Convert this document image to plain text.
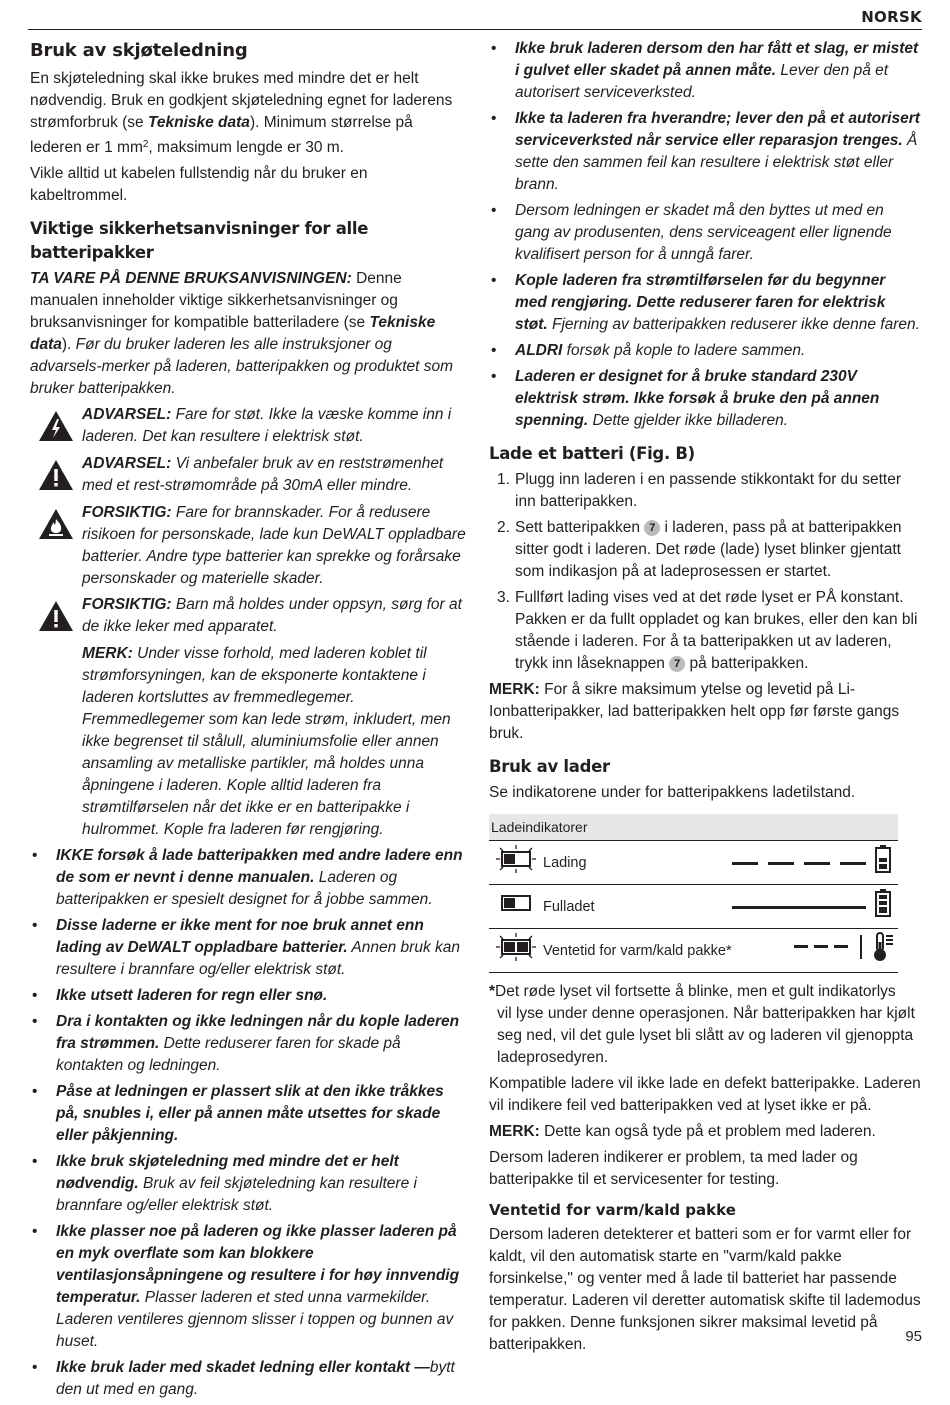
NORSK
Bruk av skjøteledning

En skjøteledning skal ikke brukes med mindre det er helt nødvendig. Bruk en godkjent skjøteledning egnet for laderens strømforbruk (se Tekniske data). Minimum størrelse på lederen er 1 $mm^2$, maksimum lengde er 30 m.

Vikle alltid ut kabelen fullstendig når du bruker en kabeltrommel.

Viktige sikkerhetsanvisninger for alle batteripakker

TA VARE PÅ DENNE BRUKSANVISNINGEN: Denne manualen inneholder viktige sikkerhetsanvisninger og bruksanvisninger for kompatible batteriladere (se Tekniske data). Før du bruker laderen les alle instruksjoner og advarsels-merker på laderen, batteripakken og produktet som bruker batteripakken.

ADVARSEL: Fare for støt. Ikke la væske komme inn i laderen. Det kan resultere i elektrisk støt.
ADVARSEL: Vi anbefaler bruk av en reststrømenhet med et rest-strømområde på 30mA eller mindre.
FORSIKTIG: Fare for brannskader. For å redusere risikoen for personskade, lade kun DeWALT oppladbare batterier. Andre type batterier kan sprekke og forårsake personskader og materielle skader.
FORSIKTIG: Barn må holdes under oppsyn, sørg for at de ikke leker med apparatet.
MERK: Under visse forhold, med laderen koblet til strømforsyningen, kan de eksponerte kontaktene i laderen kortsluttes av fremmedlegemer. Fremmedlegemer som kan lede strøm, inkludert, men ikke begrenset til stålull, aluminiumsfolie eller annen ansamling av metalliske partikler, må holdes unna åpningene i laderen. Kople alltid laderen fra strømtilførselen når det ikke er en batteripakke i hulrommet. Kople fra laderen før rengjøring.
• IKKE forsøk å lade batteripakken med andre ladere enn de som er nevnt i denne manualen. Laderen og batteripakken er spesielt designet for å jobbe sammen.
• Disse laderne er ikke ment for noe bruk annet enn lading av DeWALT oppladbare batterier. Annen bruk kan resultere i brannfare og/eller elektrisk støt.
• Ikke utsett laderen for regn eller snø.
• Dra i kontakten og ikke ledningen når du kople laderen fra strømmen. Dette reduserer faren for skade på kontakten og ledningen.
• Påse at ledningen er plassert slik at den ikke tråkkes på, snubles i, eller på annen måte utsettes for skade eller påkjenning.
• Ikke bruk skjøteledning med mindre det er helt nødvendig. Bruk av feil skjøteledning kan resultere i brannfare og/eller elektrisk støt.
• Ikke plasser noe på laderen og ikke plasser laderen på en myk overflate som kan blokkere ventilasjonsåpningene og resultere i for høy innvendig temperatur. Plasser laderen et sted unna varmekilder. Laderen ventileres gjennom slisser i toppen og bunnen av huset.
• Ikke bruk lader med skadet ledning eller kontakt —bytt den ut med en gang.
• Ikke bruk laderen dersom den har fått et slag, er mistet i gulvet eller skadet på annen måte. Lever den på et autorisert serviceverksted.
• Ikke ta laderen fra hverandre; lever den på et autorisert serviceverksted når service eller reparasjon trenges. Å sette den sammen feil kan resultere i elektrisk støt eller brann.
• Dersom ledningen er skadet må den byttes ut med en gang av produsenten, dens serviceagent eller lignende kvalifisert person for å unngå farer.
• Kople laderen fra strømtilførselen før du begynner med rengjøring. Dette reduserer faren for elektrisk støt. Fjerning av batteripakken reduserer ikke denne faren.
• ALDRI forsøk på kople to ladere sammen.
• Laderen er designet for å bruke standard 230V elektrisk strøm. Ikke forsøk å bruke den på annen spenning. Dette gjelder ikke billaderen.
Lade et batteri (Fig. B)
1. Plugg inn laderen i en passende stikkontakt for du setter inn batteripakken.
2. Sett batteripakken 7 i laderen, pass på at batteripakken sitter godt i laderen. Det røde (lade) lyset blinker gjentatt som indikasjon på at ladeprosessen er startet.
3. Fullført lading vises ved at det røde lyset er PÅ konstant. Pakken er da fullt oppladet og kan brukes, eller den kan bli stående i laderen. For å ta batteripakken ut av laderen, trykk inn låseknappen 7 på batteripakken.

MERK: For å sikre maksimum ytelse og levetid på Li-Ionbatteripakker, lad batteripakken helt opp før første gangs bruk.

Bruk av lader

Se indikatorene under for batteripakkens ladetilstand.

Ladeindikatorer
Lading
Fulladet
Ventetid for varm/kald pakke*

*Det røde lyset vil fortsette å blinke, men et gult indikatorlys

vil lyse under denne operasjonen. Når batteripakken har kjølt seg ned, vil det gule lyset bli slått av og laderen vil gjenoppta ladeprosedyren.

Kompatible ladere vil ikke lade en defekt batteripakke. Laderen vil indikere feil ved batteripakken ved at lyset ikke er på.

MERK: Dette kan også tyde på et problem med laderen.

Dersom laderen indikerer er problem, ta med lader og batteripakke til et servicesenter for testing.

Ventetid for varm/kald pakke

Dersom laderen detekterer et batteri som er for varmt eller for kaldt, vil den automatisk starte en "varm/kald pakke forsinkelse," og venter med å lade til batteriet har passende temperatur. Laderen vil deretter automatisk skifte til lademodus for pakken. Denne funksjonen sikrer maksimal levetid på batteripakken.	95
